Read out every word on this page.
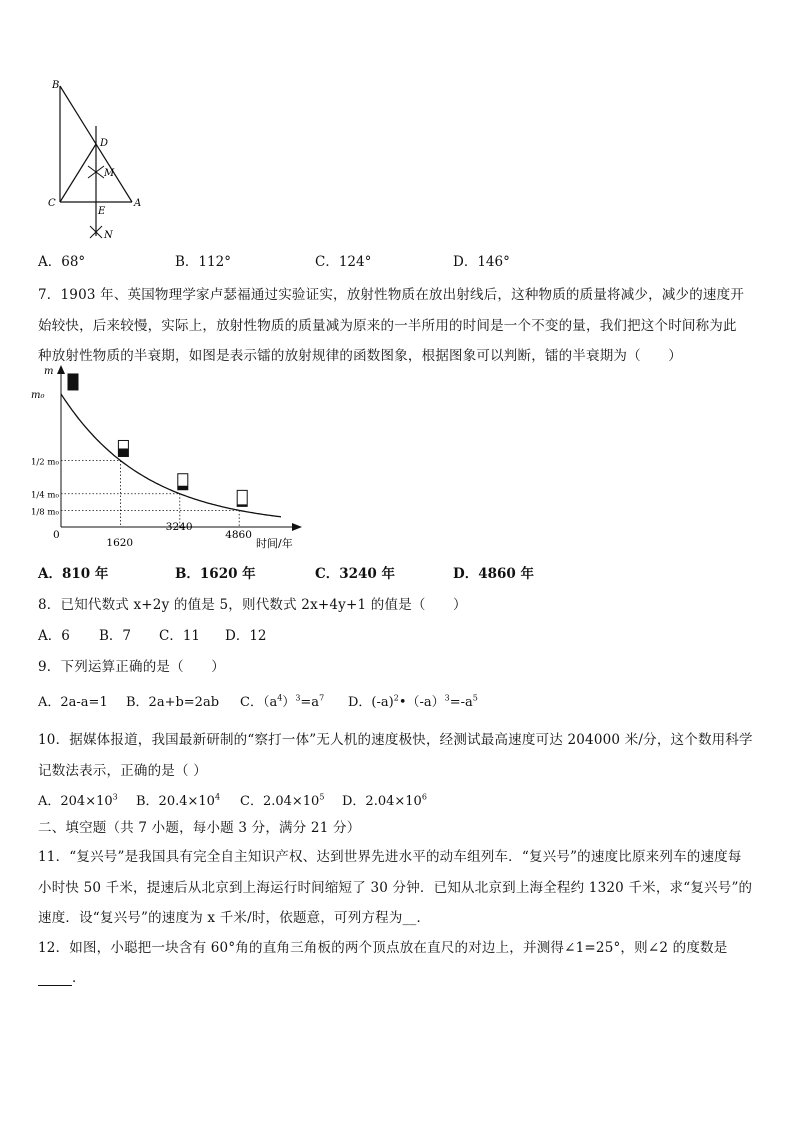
B
D
M
C
E
A
N
A．68°	B．112°	C．124°	D．146°
7．1903 年、英国物理学家卢瑟福通过实验证实，放射性物质在放出射线后，这种物质的质量将减少，减少的速度开
始较快，后来较慢，实际上，放射性物质的质量减为原来的一半所用的时间是一个不变的量，我们把这个时间称为此
种放射性物质的半衰期，如图是表示镭的放射规律的函数图象，根据图象可以判断，镭的半衰期为（　　）
m
时间/年
0
1620
3240
4860
m₀
1/2 m₀
1/4 m₀
1/8 m₀
A．810 年	B．1620 年	C．3240 年	D．4860 年
8．已知代数式 x+2y 的值是 5，则代数式 2x+4y+1 的值是（　　）
A．6 B．7 C．11 D．12
9．下列运算正确的是（　　）
A．2a-a=1 B．2a+b=2ab C．$(a^4)^3=a^7$ D．$(-a)^2•(-a)^3=-a^5$
10．据媒体报道，我国最新研制的“察打一体”无人机的速度极快，经测试最高速度可达 204000 米/分，这个数用科学
记数法表示，正确的是（ ）
A．$204\times 10^3$ B．$20.4\times 10^4$ C．$2.04\times 10^5$ D．$2.04\times 10^6$
二、填空题（共 7 小题，每小题 3 分，满分 21 分）
11．“复兴号”是我国具有完全自主知识产权、达到世界先进水平的动车组列车．“复兴号”的速度比原来列车的速度每
小时快 50 千米，提速后从北京到上海运行时间缩短了 30 分钟．已知从北京到上海全程约 1320 千米，求“复兴号”的
速度．设“复兴号”的速度为 x 千米/时，依题意，可列方程为__．
12．如图，小聪把一块含有 60°角的直角三角板的两个顶点放在直尺的对边上，并测得∠1=25°，则∠2 的度数是
．
